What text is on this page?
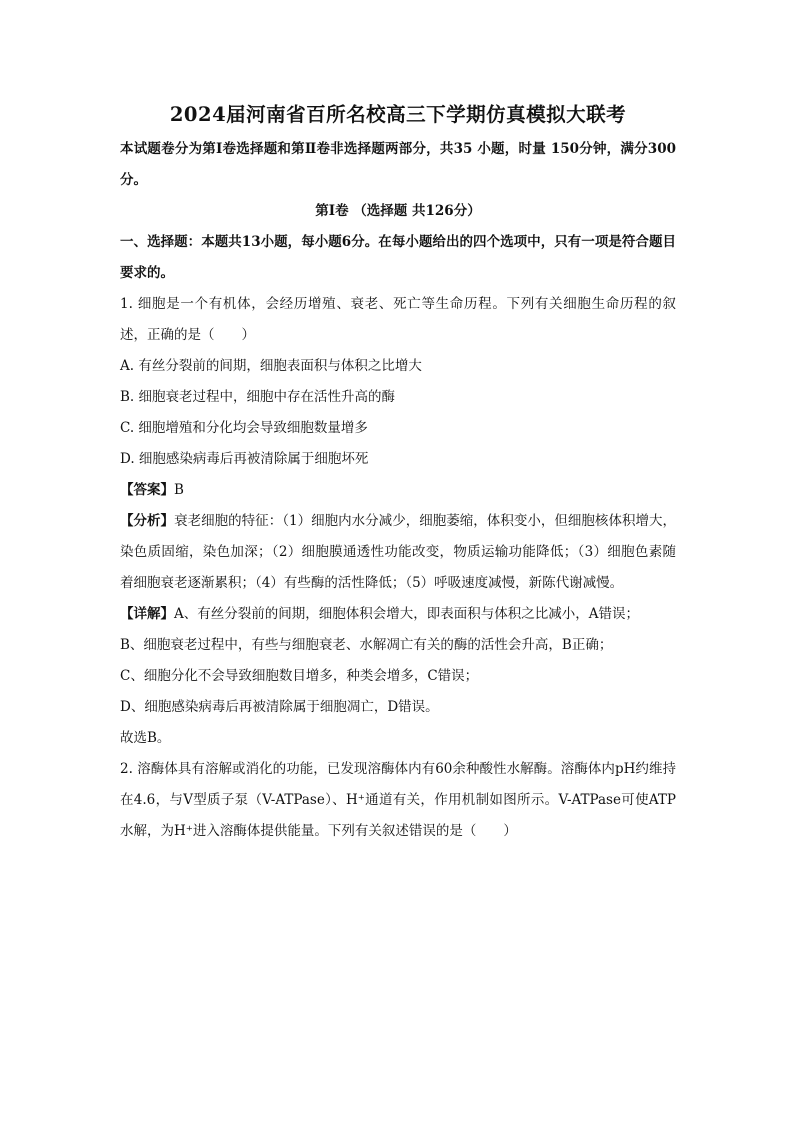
2024届河南省百所名校高三下学期仿真模拟大联考

本试题卷分为第Ⅰ卷选择题和第Ⅱ卷非选择题两部分，共35 小题，时量 150分钟，满分300分。

第Ⅰ卷 （选择题 共126分）

一、选择题：本题共13小题，每小题6分。在每小题给出的四个选项中，只有一项是符合题目要求的。

1. 细胞是一个有机体，会经历增殖、衰老、死亡等生命历程。下列有关细胞生命历程的叙述，正确的是（　　）

A. 有丝分裂前的间期，细胞表面积与体积之比增大

B. 细胞衰老过程中，细胞中存在活性升高的酶

C. 细胞增殖和分化均会导致细胞数量增多

D. 细胞感染病毒后再被清除属于细胞坏死

【答案】B

【分析】衰老细胞的特征：（1）细胞内水分减少，细胞萎缩，体积变小，但细胞核体积增大，染色质固缩，染色加深；（2）细胞膜通透性功能改变，物质运输功能降低；（3）细胞色素随着细胞衰老逐渐累积；（4）有些酶的活性降低；（5）呼吸速度减慢，新陈代谢减慢。

【详解】A、有丝分裂前的间期，细胞体积会增大，即表面积与体积之比减小，A错误；

B、细胞衰老过程中，有些与细胞衰老、水解凋亡有关的酶的活性会升高，B正确；

C、细胞分化不会导致细胞数目增多，种类会增多，C错误；

D、细胞感染病毒后再被清除属于细胞凋亡，D错误。

故选B。

2. 溶酶体具有溶解或消化的功能，已发现溶酶体内有60余种酸性水解酶。溶酶体内pH约维持在4.6，与V型质子泵（V-ATPase）、H⁺通道有关，作用机制如图所示。V-ATPase可使ATP水解，为H⁺进入溶酶体提供能量。下列有关叙述错误的是（　　）
